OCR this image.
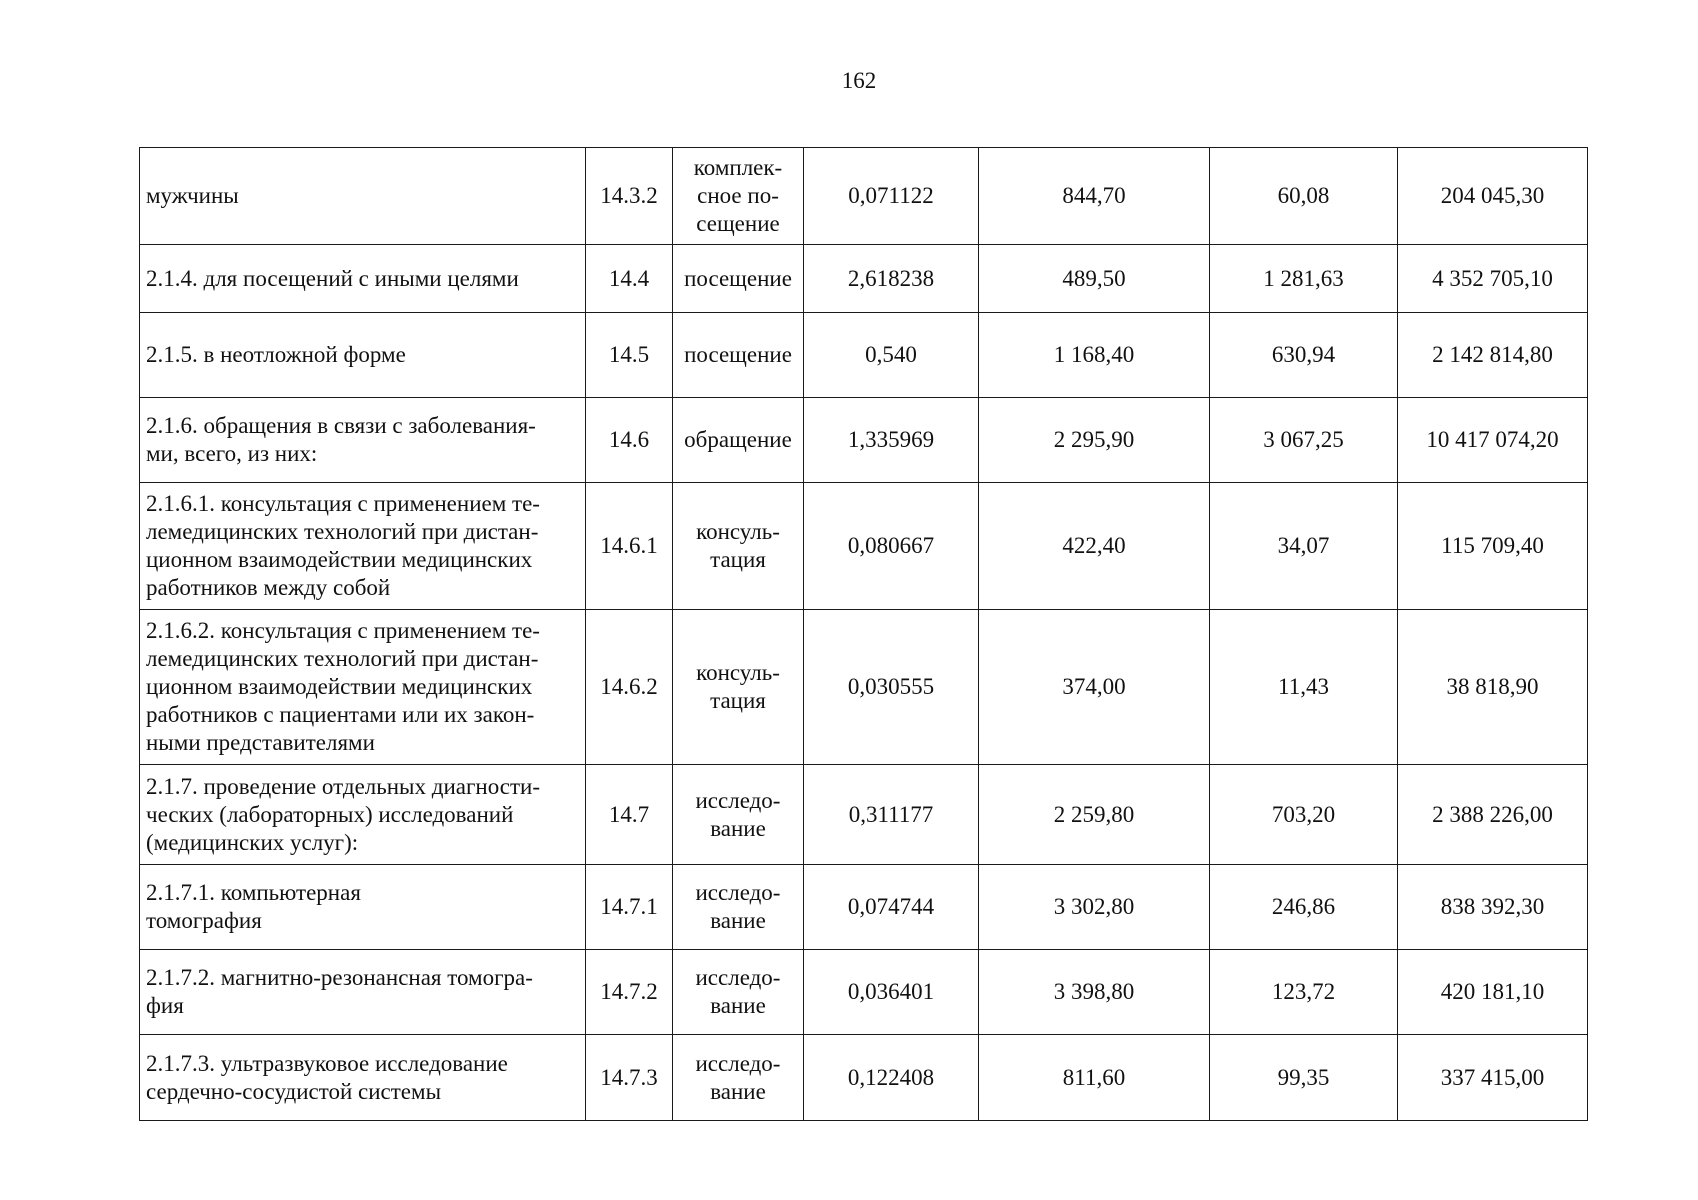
162
мужчины	14.3.2	комплек-
сное по-
сещение	0,071122	844,70	60,08	204 045,30

2.1.4. для посещений с иными целями	14.4	посещение	2,618238	489,50	1 281,63	4 352 705,10

2.1.5. в неотложной форме	14.5	посещение	0,540	1 168,40	630,94	2 142 814,80

2.1.6. обращения в связи с заболевания-
ми, всего, из них:	14.6	обращение	1,335969	2 295,90	3 067,25	10 417 074,20

2.1.6.1. консультация с применением те-
лемедицинских технологий при дистан-
ционном взаимодействии медицинских
работников между собой	14.6.1	консуль-
тация	0,080667	422,40	34,07	115 709,40

2.1.6.2. консультация с применением те-
лемедицинских технологий при дистан-
ционном взаимодействии медицинских
работников с пациентами или их закон-
ными представителями	14.6.2	консуль-
тация	0,030555	374,00	11,43	38 818,90

2.1.7. проведение отдельных диагности-
ческих (лабораторных) исследований
(медицинских услуг):	14.7	исследо-
вание	0,311177	2 259,80	703,20	2 388 226,00

2.1.7.1. компьютерная
томография	14.7.1	исследо-
вание	0,074744	3 302,80	246,86	838 392,30

2.1.7.2. магнитно-резонансная томогра-
фия	14.7.2	исследо-
вание	0,036401	3 398,80	123,72	420 181,10

2.1.7.3. ультразвуковое исследование
сердечно-сосудистой системы	14.7.3	исследо-
вание	0,122408	811,60	99,35	337 415,00
